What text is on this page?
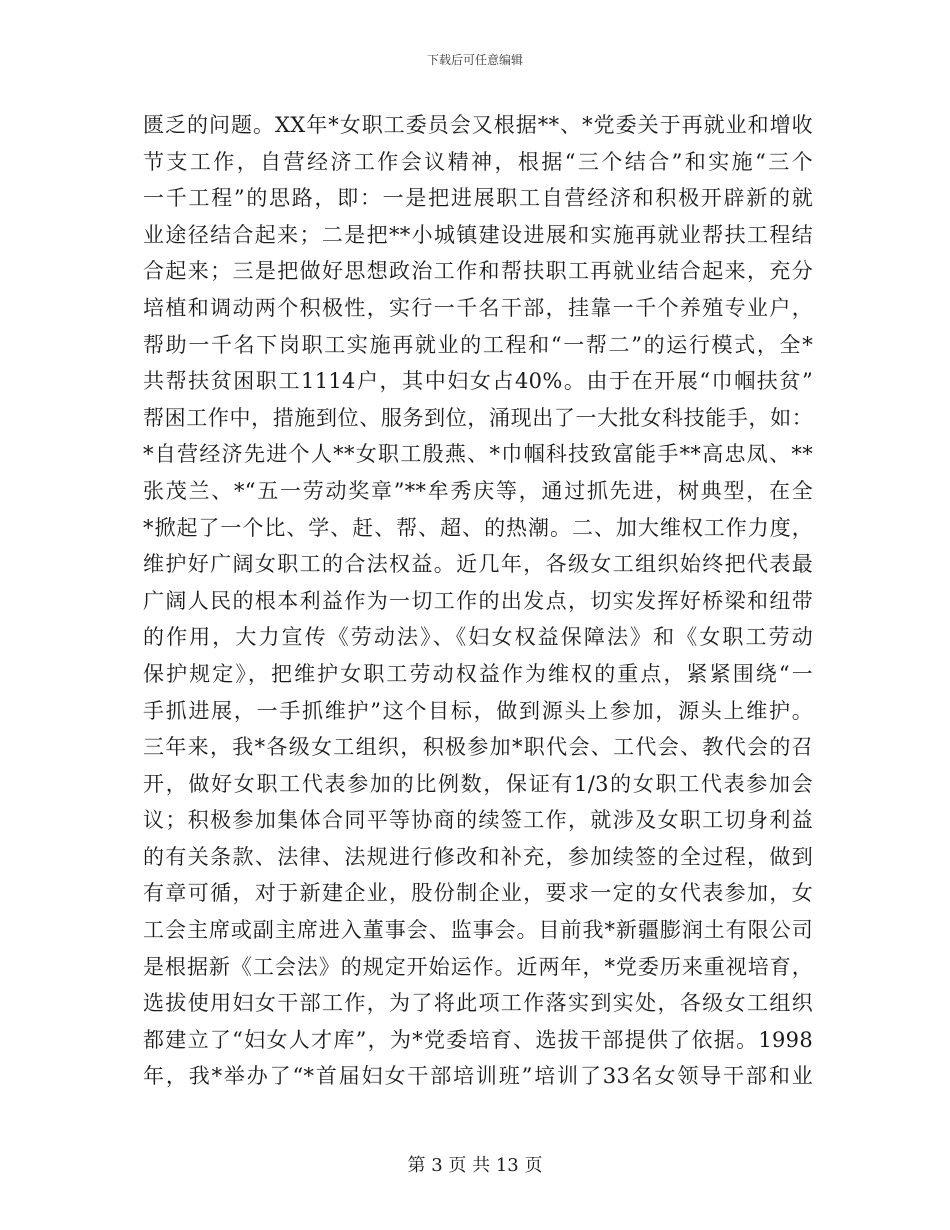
下载后可任意编辑
匮乏的问题。XX年*女职工委员会又根据**、*党委关于再就业和增收
节支工作，自营经济工作会议精神，根据“三个结合”和实施“三个
一千工程”的思路，即：一是把进展职工自营经济和积极开辟新的就
业途径结合起来；二是把**小城镇建设进展和实施再就业帮扶工程结
合起来；三是把做好思想政治工作和帮扶职工再就业结合起来，充分
培植和调动两个积极性，实行一千名干部，挂靠一千个养殖专业户，
帮助一千名下岗职工实施再就业的工程和“一帮二”的运行模式，全*
共帮扶贫困职工1114户，其中妇女占40%。由于在开展“巾帼扶贫”
帮困工作中，措施到位、服务到位，涌现出了一大批女科技能手，如：
*自营经济先进个人**女职工殷燕、*巾帼科技致富能手**高忠凤、**
张茂兰、*“五一劳动奖章”**牟秀庆等，通过抓先进，树典型，在全
*掀起了一个比、学、赶、帮、超、的热潮。二、加大维权工作力度，
维护好广阔女职工的合法权益。近几年，各级女工组织始终把代表最
广阔人民的根本利益作为一切工作的出发点，切实发挥好桥梁和纽带
的作用，大力宣传《劳动法》、《妇女权益保障法》和《女职工劳动
保护规定》，把维护女职工劳动权益作为维权的重点，紧紧围绕“一
手抓进展，一手抓维护”这个目标，做到源头上参加，源头上维护。
三年来，我*各级女工组织，积极参加*职代会、工代会、教代会的召
开，做好女职工代表参加的比例数，保证有1/3的女职工代表参加会
议；积极参加集体合同平等协商的续签工作，就涉及女职工切身利益
的有关条款、法律、法规进行修改和补充，参加续签的全过程，做到
有章可循，对于新建企业，股份制企业，要求一定的女代表参加，女
工会主席或副主席进入董事会、监事会。目前我*新疆膨润土有限公司
是根据新《工会法》的规定开始运作。近两年，*党委历来重视培育，
选拔使用妇女干部工作，为了将此项工作落实到实处，各级女工组织
都建立了“妇女人才库”，为*党委培育、选拔干部提供了依据。1998
年，我*举办了“*首届妇女干部培训班”培训了33名女领导干部和业
第 3 页 共 13 页
